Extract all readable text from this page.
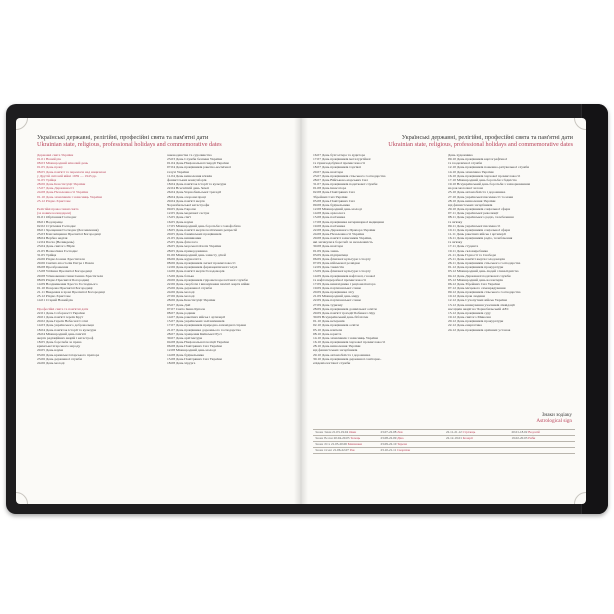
Українські державні, релігійні, професійні свята та пам'ятні дати
Ukrainian state, religious, professional holidays and commemorative dates
Державні свята України
01.01 Новий рік
08.03 Міжнародний жіночий день
01.05 День праці
08.05 День пам'яті та перемоги над нацизмом
у Другій світовій війні 1939 — 1945 рр.
31.05 Трійця
28.06 День Конституції України
15.07 День Державності
24.08 День Незалежності України
01.10 День захисників і захисниць України
25.12 Різдво Христове

Релігійні православні свята
(за новим календарем)
01.01 Обрізання Господнє
06.01 Водохреще
02.02 Стрітення Господнє
06.01 Хрещення Господнє (Богоявлення)
25.03 Благовіщення Пресвятої Богородиці
08.04 Вербна неділя
12.04 Пасха (Великдень)
23.04 День святого Юрія
21.05 Вознесіння Господнє
31.05 Трійця
24.06 Різдво Іоанна Хрестителя
29.06 Святих апостолів Петра і Павла
06.08 Преображення
15.08 Успіння Пресвятої Богородиці
29.08 Усікновення глави Іоанна Хрестителя
08.09 Різдво Пресвятої Богородиці
14.09 Воздвиження Хреста Господнього
01.10 Покрова Пресвятої Богородиці
21.11 Введення в храм Пресвятої Богородиці
25.12 Різдво Христове
14.01 Старий Новий рік

Професійні свята та пам'ятні дати
22.01 День Соборності України
29.01 День пам'яті героїв Крут
20.02 День Героїв Небесної Сотні
14.03 День українського добровольця
18.04 День пам'яток історії та культури
26.04 Міжнародний день пам'яті
жертв радіаційних аварій і катастроф
18.05 День боротьби за права
кримськотатарського народу
20.05 День науки
03.06 День кримськотатарського прапора
23.06 День державної служби
24.06 День молоді
законодавства та судочинства
23.03 День Служби безпеки України
01.04 День Національної гвардії України
07.04 День працівників ракетно-космічної
галузі України
11.04 День визволення в'язнів
фашистських концтаборів
18.04 День пам'яток історії та культури
22.04 Всесвітній день Землі
26.04 День Чорнобильської трагедії
28.04 День охорони праці
29.04 День пам'яті жертв
Чорнобильської катастрофи
09.05 День Європи
12.05 День медичної сестри
15.05 День сім'ї
16.05 День науки
17.05 Міжнародний день боротьби з гомофобією
18.05 День пам'яті жертв політичних репресій
20.05 День банківських працівників
21.05 День вишиванки
25.05 День філолога
26.05 День морської піхоти України
28.05 День прикордонника
01.06 Міжнародний день захисту дітей
06.06 День журналіста
08.06 День працівників легкої промисловості
12.06 День працівників фармацевтичної галузі
14.06 День пам'яті жертв Голодоморів
15.06 День батька
20.06 День працівників гідрометеорологічної служби
22.06 День скорботи і вшанування пам'яті жертв війни
23.06 День державної служби
24.06 День молоді
27.06 День молоді
28.06 День Конституції України
03.07 День ДАІ
07.07 Свято Івана Купала
08.07 День родини
14.07 День ракетних військ і артилерії
15.07 День українських залізничників
17.07 День працівників природно-заповідної справи
21.07 День працівника дорожнього господарства
28.07 День хрещення Київської Русі
30.07 День архітектури
04.08 День Національної поліції України
06.08 День Повітряних Сил України
12.08 Міжнародний день молоді
14.08 День будівельника
15.08 День Повітряних Сил України
18.08 День хірурга
Українські державні, релігійні, професійні свята та пам'ятні дати
Ukrainian state, religious, professional holidays and commemorative dates
16.07 День бухгалтера та аудитора
17.07 День працівників металургійної
та гірничодобувної промисловості
18.07 День працівників торгівлі
20.07 День шахтаря
23.07 День працівників сільського господарства
28.07 День Військово-морських Сил
31.07 День працівників податкової служби
01.08 День інкасатора
02.08 День Повітряних Сил
Збройних Сил України
05.08 День Повітряних Сил
09.08 День будівельника
12.08 Міжнародний день молоді
14.08 День археолога
15.08 День пасічника
17.08 День працівника ветеринарної медицини
19.08 День пасічника
22.08 День Державного Прапора України
24.08 День Незалежності України
29.08 День пам'яті захисників України,
які загинули в боротьбі за незалежність
30.08 День шахтаря
01.09 День знань
03.09 День підприємця
06.09 День фізичної культури і спорту
07.09 День військової розвідки
12.09 День танкістів
13.09 День фізичної культури і спорту
14.09 День працівників нафтової, газової
та нафтопереробної промисловості
17.09 День винахідника і раціоналізатора
19.09 День партизанської слави
20.09 День працівника лісу
21.09 Міжнародний день миру
22.09 День партизанської слави
27.09 День туризму
28.09 День працівників дошкільної освіти
29.09 День пам'яті трагедії Бабиного Яру
30.09 Всеукраїнський день бібліотек
01.10 День ветеранів
02.10 День працівників освіти
05.10 День вчителя
08.10 День юриста
14.10 День захисників і захисниць України
16.10 День працівників харчової промисловості
28.10 День визволення України
від фашистських загарбників
29.10 День автомобіліста і дорожника
30.10 День працівників державної санітарно-
епідеміологічної служби
День художника
09.10 День працівників картографічної
та геодезичної служби
12.10 День працівників пожежно-рятувальної служби
14.10 День захисника України
16.10 День працівників харчової промисловості
17.10 Міжнародний день боротьби з бідністю
19.10 Всеукраїнський день боротьби з захворюванням
на рак молочної залози
25.10 День автомобіліста і дорожника
27.10 День української писемності та мови
28.10 День визволення України
від фашистських загарбників
29.10 День працівників соціальної сфери
07.11 День української революції
08.11 День українського радіо, телебачення
та зв'язку
09.11 День української писемності
10.11 День працівників соціальної сфери
11.11 День ракетних військ і артилерії
16.11 День працівників радіо, телебачення
та зв'язку
17.11 День студента
19.11 День скловиробника
21.11 День Гідності та Свободи
25.11 День пам'яті жертв голодоморів
26.11 День працівників сільського господарства
01.12 День працівників прокуратури
03.12 Міжнародний день людей з інвалідністю
04.12 День Державної податкової служби
05.12 Міжнародний день волонтерів
06.12 День Збройних Сил України
07.12 День місцевого самоврядування
09.12 День працівників сільського господарства
10.12 День прав людини
12.12 День Сухопутних військ України
13.12 День вшанування учасників ліквідації
наслідків аварії на Чорнобильській АЕС
15.12 День працівників суду
19.12 День святого Миколая
20.12 День працівників прокуратури
22.12 День енергетика
24.12 День працівників архівних установ
Знаки зодіаку
Astrological sign
Знаки Зими 21.03-19.04 Овен	23.07-22.08 Лев	22.11-21.12 Стрілець	20.01-18.02 Водолій
Знаки Весни 20.04-20.05 Телець	23.08-22.09 Діва	22.12-19.01 Козеріг	19.02-20.03 Риби
Знаки Літа 21.05-20.06 Близнюки	23.09-22.10 Терези
Знаки Осені 21.06-22.07 Рак	23.10-21.11 Скорпіон
